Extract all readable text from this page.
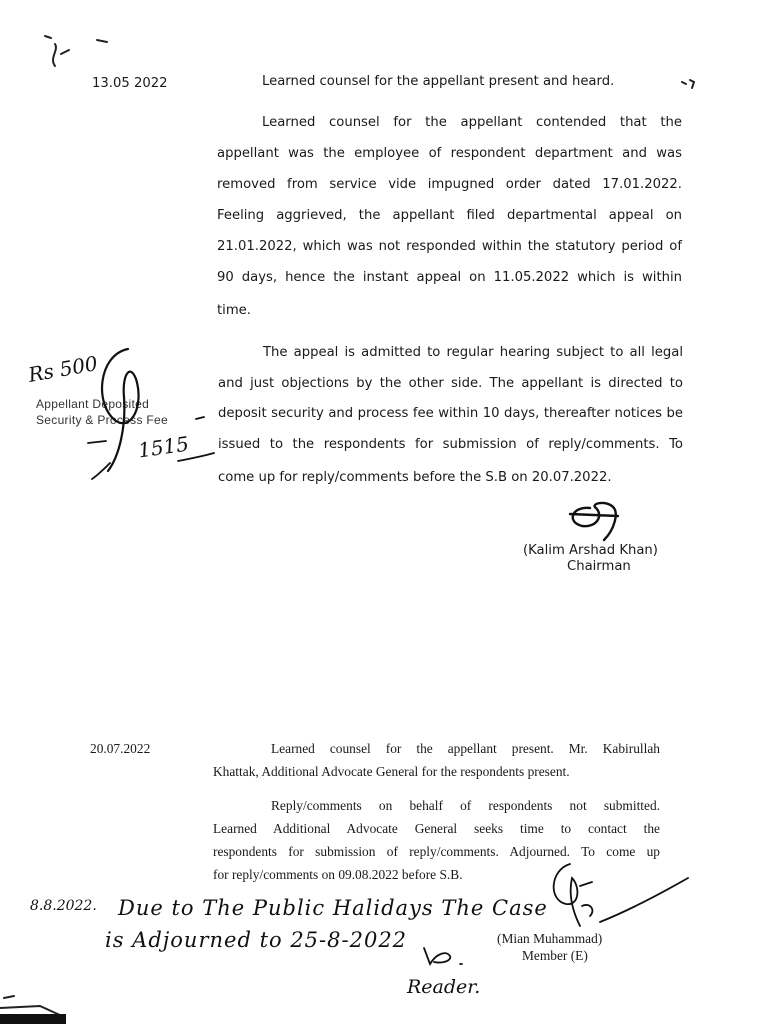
13.05 2022	Learned counsel for the appellant present and heard.
Learned counsel for the appellant contended that the
appellant was the employee of respondent department and was
removed from service vide impugned order dated 17.01.2022.
Feeling aggrieved, the appellant filed departmental appeal on
21.01.2022, which was not responded within the statutory period of
90 days, hence the instant appeal on 11.05.2022 which is within
time.
The appeal is admitted to regular hearing subject to all legal
and just objections by the other side. The appellant is directed to
deposit security and process fee within 10 days, thereafter notices be
issued to the respondents for submission of reply/comments. To
come up for reply/comments before the S.B on 20.07.2022.
(Kalim Arshad Khan)
Chairman
Rs 500
Appellant Deposited
Security & Process Fee
1515
20.07.2022	Learned counsel for the appellant present. Mr. Kabirullah
Khattak, Additional Advocate General for the respondents present.
Reply/comments on behalf of respondents not submitted.
Learned Additional Advocate General seeks time to contact the
respondents for submission of reply/comments. Adjourned. To come up
for reply/comments on 09.08.2022 before S.B.
(Mian Muhammad)
Member (E)
8.8.2022. Due to The Public Halidays The Case
is Adjourned to 25-8-2022
Reader.
